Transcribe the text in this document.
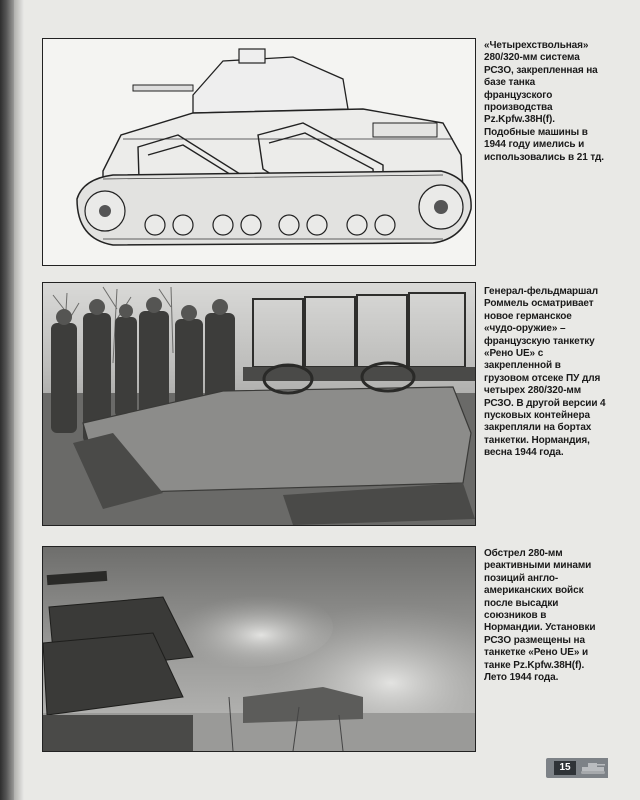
«Четырехствольная» 280/320-мм система РСЗО, закрепленная на базе танка французского производства Pz.Kpfw.38H(f). Подобные машины в 1944 году имелись и использовались в 21 тд.
Генерал-фельдмаршал Роммель осматривает новое германское «чудо-оружие» – французскую танкетку «Рено UE» с закрепленной в грузовом отсеке ПУ для четырех 280/320-мм РСЗО. В другой версии 4 пусковых контейнера закрепляли на бортах танкетки. Нормандия, весна 1944 года.
Обстрел 280-мм реактивными минами позиций англо-американских войск после высадки союзников в Нормандии. Установки РСЗО размещены на танкетке «Рено UE» и танке Pz.Kpfw.38H(f). Лето 1944 года.
15
